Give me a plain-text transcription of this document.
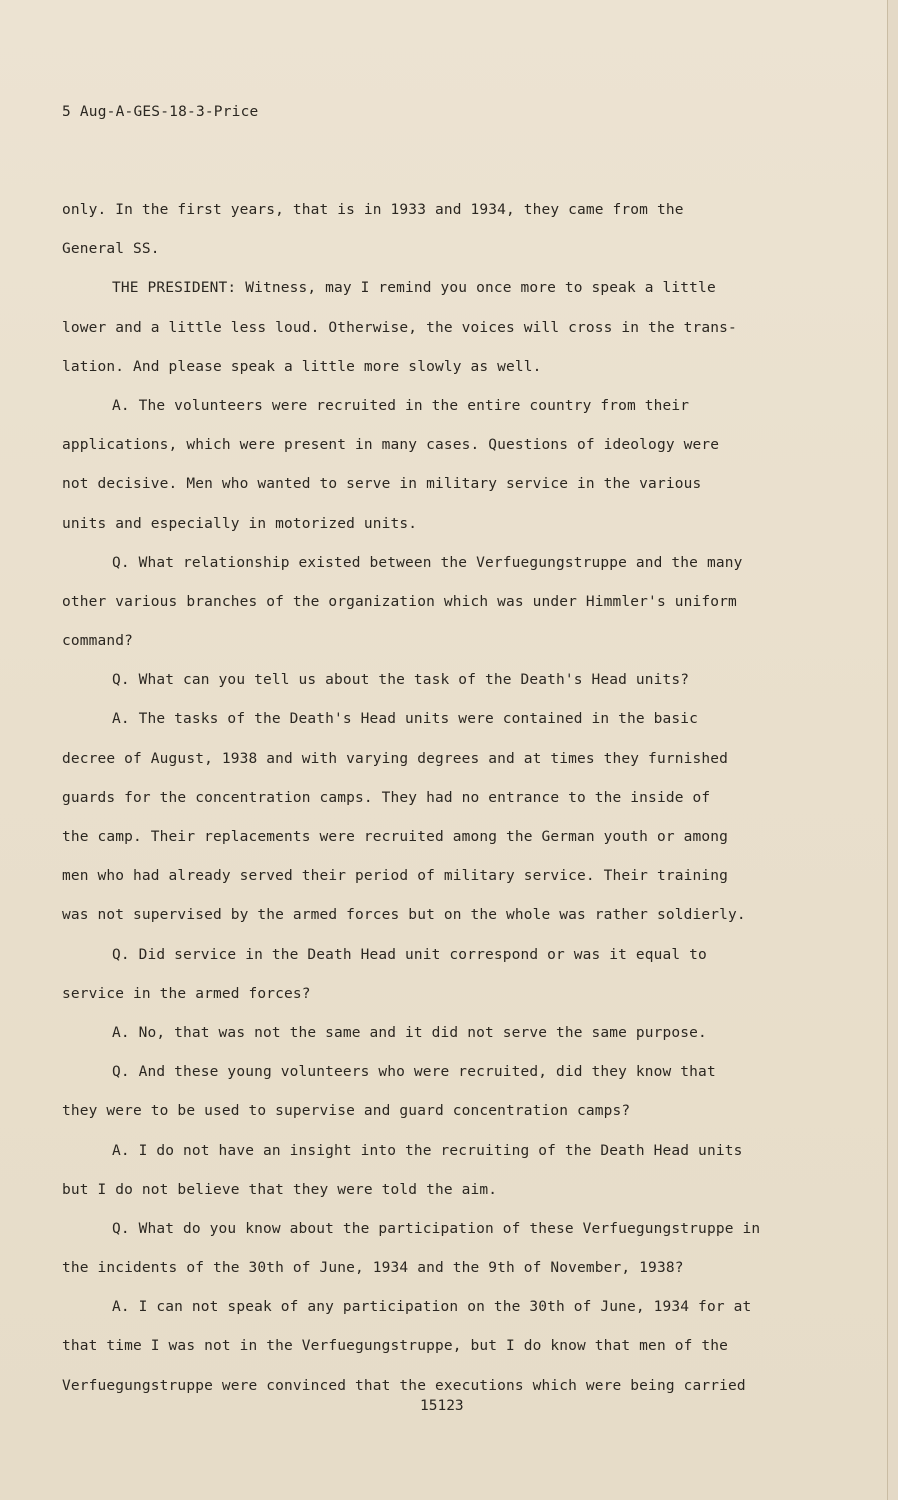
5 Aug-A-GES-18-3-Price
only. In the first years, that is in 1933 and 1934, they came from the
General SS.
THE PRESIDENT: Witness, may I remind you once more to speak a little
lower and a little less loud. Otherwise, the voices will cross in the trans-
lation. And please speak a little more slowly as well.
A. The volunteers were recruited in the entire country from their
applications, which were present in many cases. Questions of ideology were
not decisive. Men who wanted to serve in military service in the various
units and especially in motorized units.
Q. What relationship existed between the Verfuegungstruppe and the many
other various branches of the organization which was under Himmler's uniform
command?
Q. What can you tell us about the task of the Death's Head units?
A. The tasks of the Death's Head units were contained in the basic
decree of August, 1938 and with varying degrees and at times they furnished
guards for the concentration camps. They had no entrance to the inside of
the camp. Their replacements were recruited among the German youth or among
men who had already served their period of military service. Their training
was not supervised by the armed forces but on the whole was rather soldierly.
Q. Did service in the Death Head unit correspond or was it equal to
service in the armed forces?
A. No, that was not the same and it did not serve the same purpose.
Q. And these young volunteers who were recruited, did they know that
they were to be used to supervise and guard concentration camps?
A. I do not have an insight into the recruiting of the Death Head units
but I do not believe that they were told the aim.
Q. What do you know about the participation of these Verfuegungstruppe in
the incidents of the 30th of June, 1934 and the 9th of November, 1938?
A. I can not speak of any participation on the 30th of June, 1934 for at
that time I was not in the Verfuegungstruppe, but I do know that men of the
Verfuegungstruppe were convinced that the executions which were being carried
15123
